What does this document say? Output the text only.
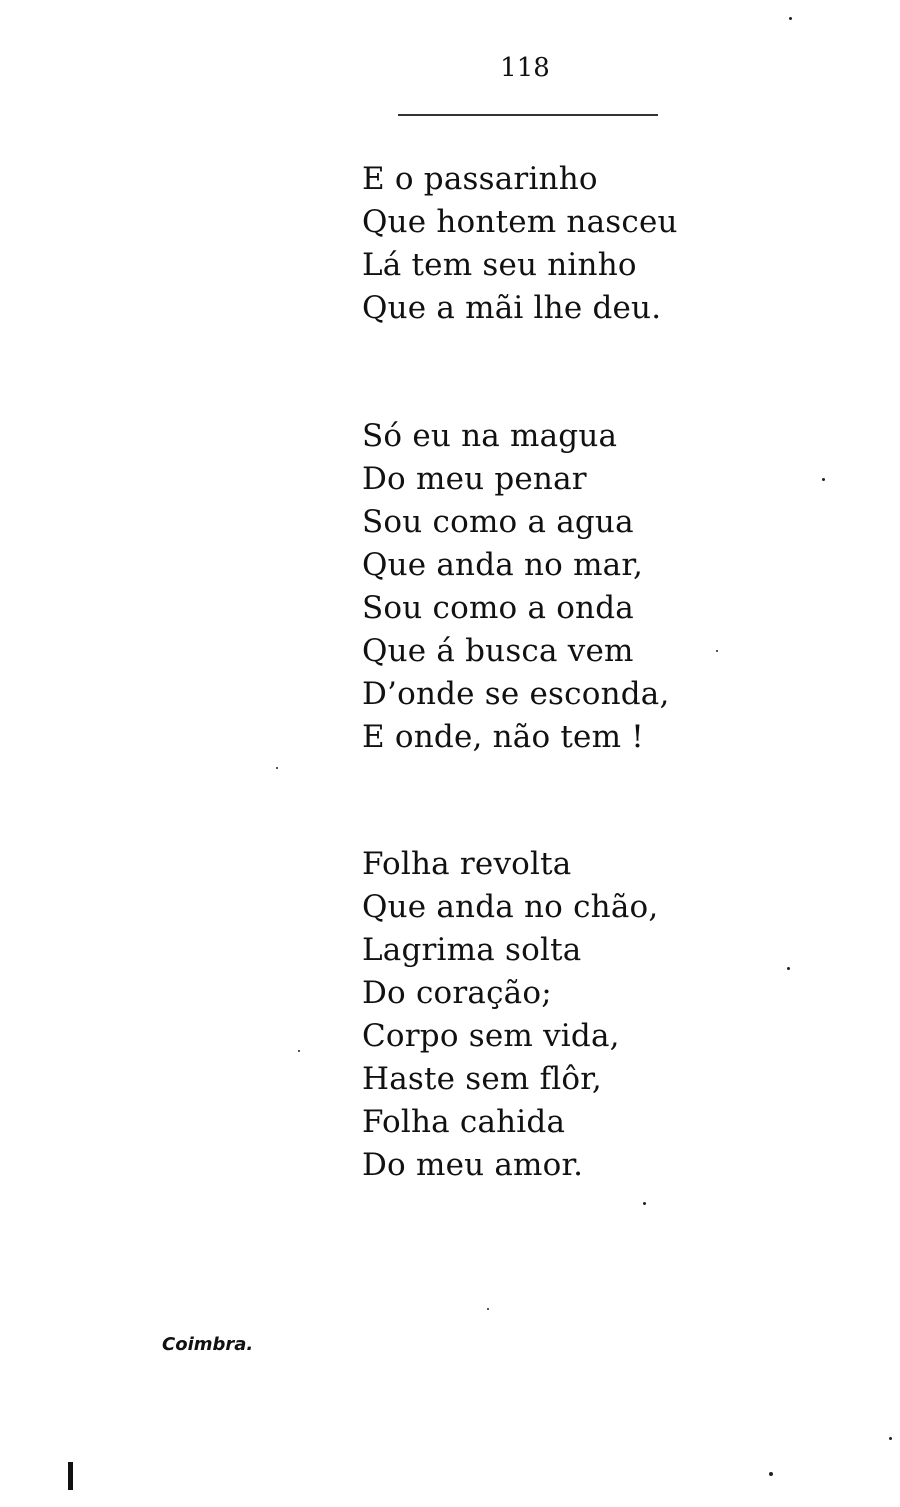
118
E o passarinho
Que hontem nasceu
Lá tem seu ninho
Que a mãi lhe deu.
Só eu na magua
Do meu penar
Sou como a agua
Que anda no mar,
Sou como a onda
Que á busca vem
D’onde se esconda,
E onde, não tem !
Folha revolta
Que anda no chão,
Lagrima solta
Do coração;
Corpo sem vida,
Haste sem flôr,
Folha cahida
Do meu amor.
Coimbra.
